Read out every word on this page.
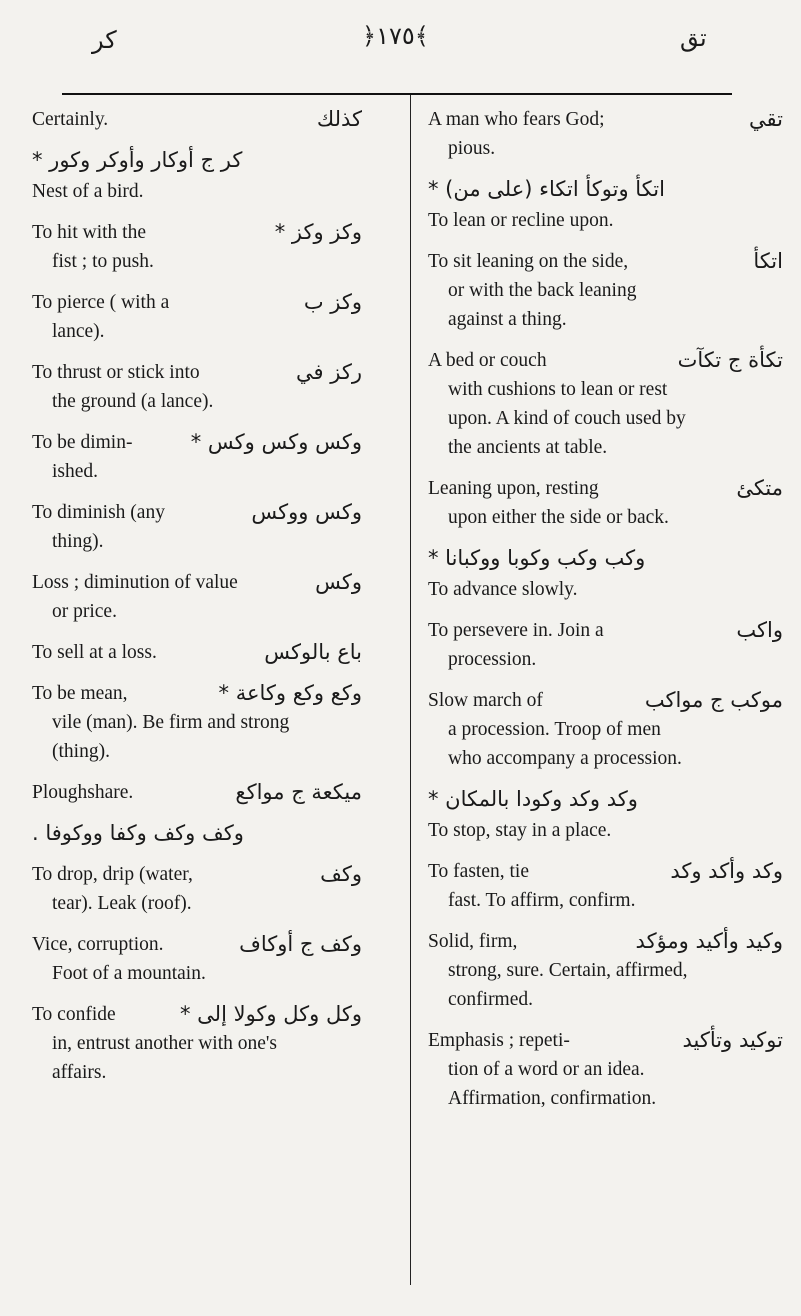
كر	﴿١٧٥﴾	تق
كذلك
Certainly.
كر ج أوكار وأوكر وكور *
Nest of a bird.
وكز وكز *
To hit with the
fist ; to push.
وكز ب
To pierce ( with a
lance).
ركز في
To thrust or stick into
the ground (a lance).
وكس وكس وكس *
To be dimin-
ished.
وكس ووكس
To diminish (any
thing).
وكس
Loss ; diminution of value
or price.
باع بالوكس
To sell at a loss.
وكع وكع وكاعة *
To be mean,
vile (man). Be firm and strong
(thing).
ميكعة ج مواكع
Ploughshare.
وكف وكف وكفا ووكوفا .
وكف
To drop, drip (water,
tear). Leak (roof).
وكف ج أوكاف
Vice, corruption.
Foot of a mountain.
وكل وكل وكولا إلى *
To confide
in, entrust another with one's
affairs.
تقي
A man who fears God;
pious.
اتكأ وتوكأ اتكاء (على من) *
To lean or recline upon.
اتكأ
To sit leaning on the side,
or with the back leaning
against a thing.
تكأة ج تكآت
A bed or couch
with cushions to lean or rest
upon. A kind of couch used by
the ancients at table.
متكئ
Leaning upon, resting
upon either the side or back.
وكب وكب وكوبا ووكبانا *
To advance slowly.
واكب
To persevere in. Join a
procession.
موكب ج مواكب
Slow march of
a procession. Troop of men
who accompany a procession.
وكد وكد وكودا بالمكان *
To stop, stay in a place.
وكد وأكد وكد
To fasten, tie
fast. To affirm, confirm.
وكيد وأكيد ومؤكد
Solid, firm,
strong, sure. Certain, affirmed,
confirmed.
توكيد وتأكيد
Emphasis ; repeti-
tion of a word or an idea.
Affirmation, confirmation.
